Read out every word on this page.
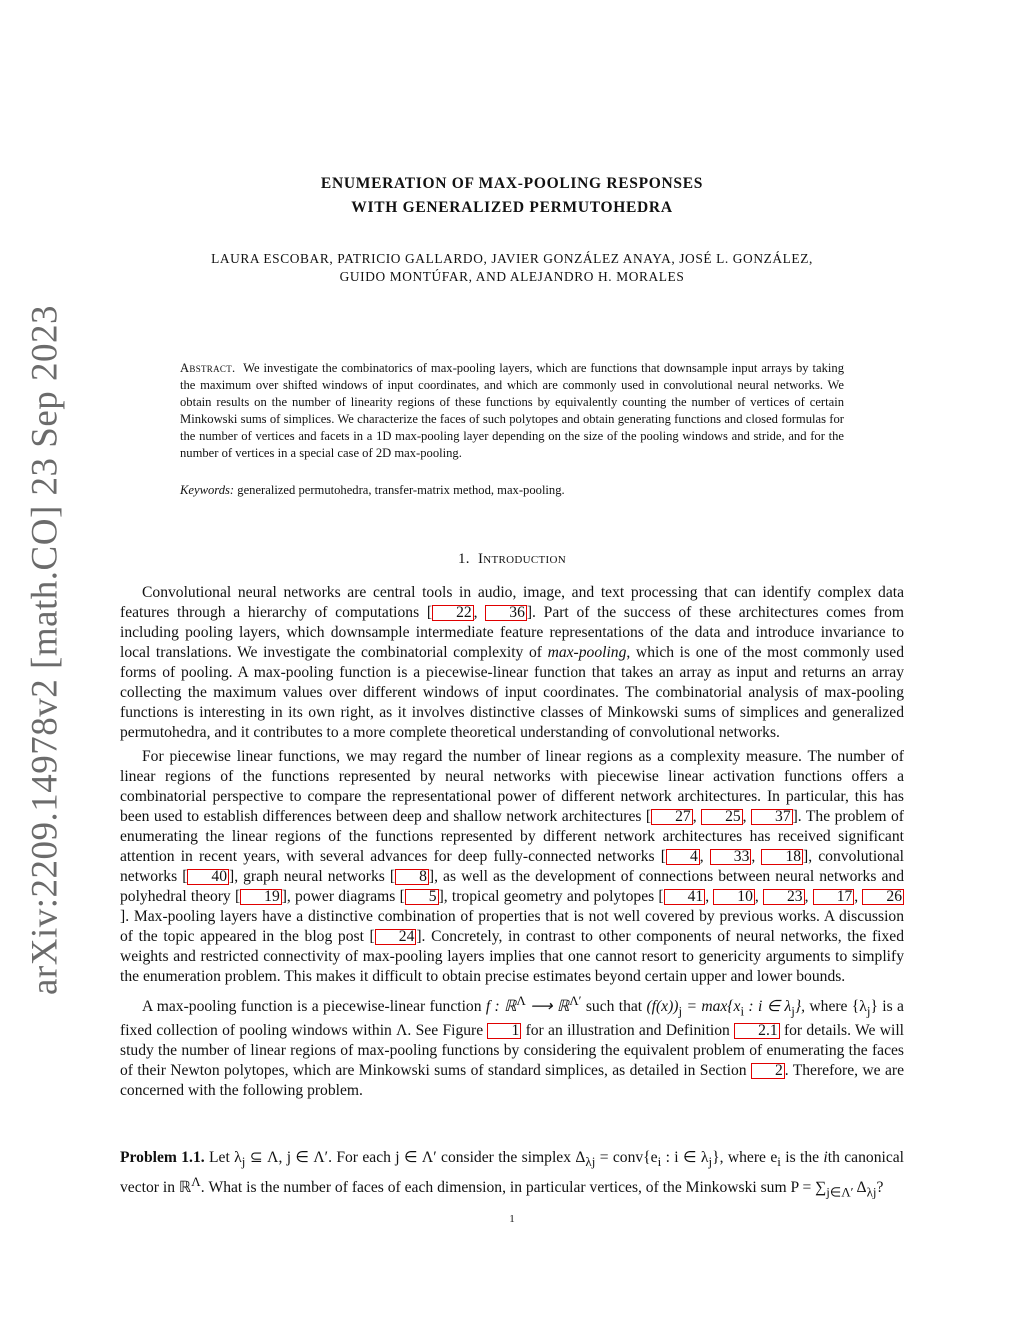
arXiv:2209.14978v2 [math.CO] 23 Sep 2023
ENUMERATION OF MAX-POOLING RESPONSES
WITH GENERALIZED PERMUTOHEDRA
LAURA ESCOBAR, PATRICIO GALLARDO, JAVIER GONZÁLEZ ANAYA, JOSÉ L. GONZÁLEZ,
GUIDO MONTÚFAR, AND ALEJANDRO H. MORALES
Abstract. We investigate the combinatorics of max-pooling layers, which are functions that downsample input arrays by taking the maximum over shifted windows of input coordinates, and which are commonly used in convolutional neural networks. We obtain results on the number of linearity regions of these functions by equivalently counting the number of vertices of certain Minkowski sums of simplices. We characterize the faces of such polytopes and obtain generating functions and closed formulas for the number of vertices and facets in a 1D max-pooling layer depending on the size of the pooling windows and stride, and for the number of vertices in a special case of 2D max-pooling.
Keywords: generalized permutohedra, transfer-matrix method, max-pooling.
1. Introduction

Convolutional neural networks are central tools in audio, image, and text processing that can identify complex data features through a hierarchy of computations [ 22 , 36 ]. Part of the success of these architectures comes from including pooling layers, which downsample intermediate feature representations of the data and introduce invariance to local translations. We investigate the combinatorial complexity of max-pooling, which is one of the most commonly used forms of pooling. A max-pooling function is a piecewise-linear function that takes an array as input and returns an array collecting the maximum values over different windows of input coordinates. The combinatorial analysis of max-pooling functions is interesting in its own right, as it involves distinctive classes of Minkowski sums of simplices and generalized permutohedra, and it contributes to a more complete theoretical understanding of convolutional networks.

For piecewise linear functions, we may regard the number of linear regions as a complexity measure. The number of linear regions of the functions represented by neural networks with piecewise linear activation functions offers a combinatorial perspective to compare the representational power of different network architectures. In particular, this has been used to establish differences between deep and shallow network architectures [ 27 , 25 , 37 ]. The problem of enumerating the linear regions of the functions represented by different network architectures has received significant attention in recent years, with several advances for deep fully-connected networks [ 4 , 33 , 18 ], convolutional networks [ 40 ], graph neural networks [ 8 ], as well as the development of connections between neural networks and polyhedral theory [ 19 ], power diagrams [ 5 ], tropical geometry and polytopes [ 41 , 10 , 23 , 17 , 26]. Max-pooling layers have a distinctive combination of properties that is not well covered by previous works. A discussion of the topic appeared in the blog post [ 24 ]. Concretely, in contrast to other components of neural networks, the fixed weights and restricted connectivity of max-pooling layers implies that one cannot resort to genericity arguments to simplify the enumeration problem. This makes it difficult to obtain precise estimates beyond certain upper and lower bounds.

A max-pooling function is a piecewise-linear function f : ℝ$^\Lambda$ ⟶ ℝ$^{\Lambda'}$ such that $(f(x))_j = \max\{x_i$ : i ∈ $\lambda_j$}, where $\{\lambda_j\}$ is a fixed collection of pooling windows within Λ. See Figure 1 for an illustration and Definition 2.1 for details. We will study the number of linear regions of max-pooling functions by considering the equivalent problem of enumerating the faces of their Newton polytopes, which are Minkowski sums of standard simplices, as detailed in Section 2 . Therefore, we are concerned with the following problem.

Problem 1.1. Let $\lambda_j$ ⊆ Λ, j ∈ Λ′. For each j ∈ Λ′ consider the simplex $\Delta_{\lambda j}$ = $conv\{e_i$ : i ∈ $\lambda_j$}, where $e_i$ is the ith canonical vector in ℝ$^\Lambda$. What is the number of faces of each dimension, in particular vertices, of the Minkowski sum $P = \sum_{j\in\Lambda'}$ $\Delta_{\lambda j}$?
1
